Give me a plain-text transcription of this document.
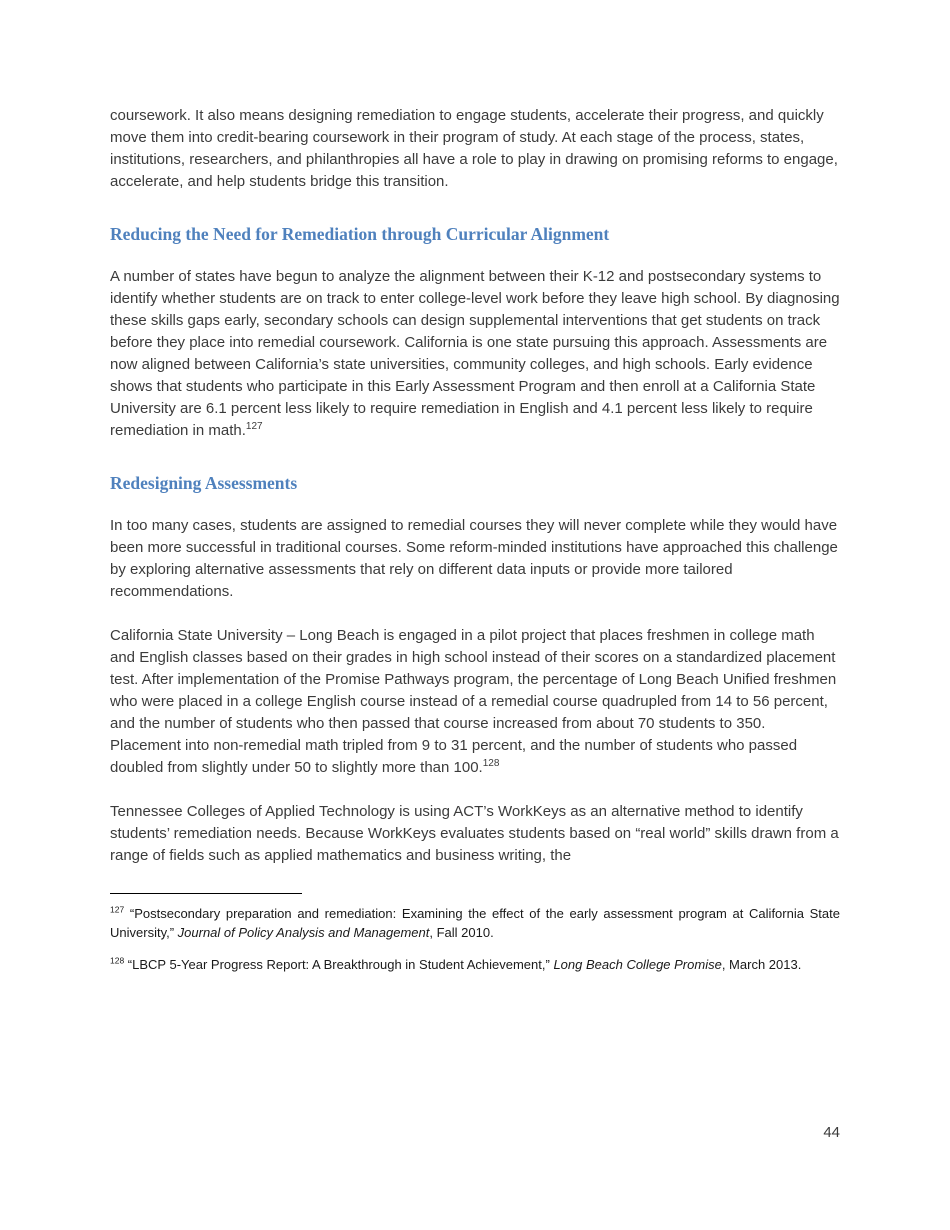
coursework. It also means designing remediation to engage students, accelerate their progress, and quickly move them into credit-bearing coursework in their program of study. At each stage of the process, states, institutions, researchers, and philanthropies all have a role to play in drawing on promising reforms to engage, accelerate, and help students bridge this transition.

Reducing the Need for Remediation through Curricular Alignment

A number of states have begun to analyze the alignment between their K-12 and postsecondary systems to identify whether students are on track to enter college-level work before they leave high school. By diagnosing these skills gaps early, secondary schools can design supplemental interventions that get students on track before they place into remedial coursework. California is one state pursuing this approach. Assessments are now aligned between California’s state universities, community colleges, and high schools. Early evidence shows that students who participate in this Early Assessment Program and then enroll at a California State University are 6.1 percent less likely to require remediation in English and 4.1 percent less likely to require remediation in math.$^{127}$

Redesigning Assessments

In too many cases, students are assigned to remedial courses they will never complete while they would have been more successful in traditional courses. Some reform-minded institutions have approached this challenge by exploring alternative assessments that rely on different data inputs or provide more tailored recommendations.

California State University – Long Beach is engaged in a pilot project that places freshmen in college math and English classes based on their grades in high school instead of their scores on a standardized placement test. After implementation of the Promise Pathways program, the percentage of Long Beach Unified freshmen who were placed in a college English course instead of a remedial course quadrupled from 14 to 56 percent, and the number of students who then passed that course increased from about 70 students to 350. Placement into non-remedial math tripled from 9 to 31 percent, and the number of students who passed doubled from slightly under 50 to slightly more than 100.$^{128}$

Tennessee Colleges of Applied Technology is using ACT’s WorkKeys as an alternative method to identify students’ remediation needs. Because WorkKeys evaluates students based on “real world” skills drawn from a range of fields such as applied mathematics and business writing, the

$^{127}$ “Postsecondary preparation and remediation: Examining the effect of the early assessment program at California State University,” Journal of Policy Analysis and Management, Fall 2010.

$^{128}$ “LBCP 5-Year Progress Report: A Breakthrough in Student Achievement,” Long Beach College Promise, March 2013.

44
